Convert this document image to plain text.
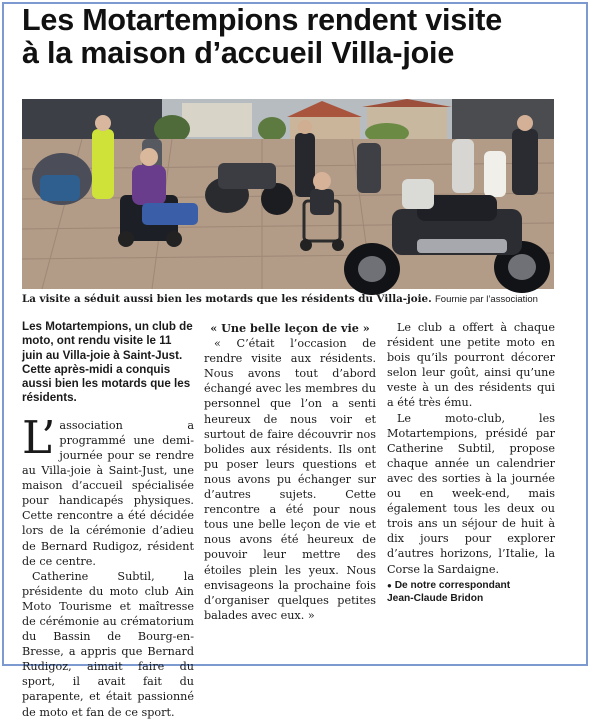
Les Motartempions rendent visite
à la maison d’accueil Villa-joie
La visite a séduit aussi bien les motards que les résidents du Villa-joie. Fournie par l’association

Les Motartempions, un club de moto, ont rendu visite le 11 juin au Villa-joie à Saint-Just. Cette après-midi a conquis aussi bien les motards que les résidents.

L’ association a programmé une demi-journée pour se rendre au Villa-joie à Saint-Just, une maison d’accueil spécialisée pour handicapés physiques. Cette rencontre a été décidée lors de la cérémonie d’adieu de Bernard Rudigoz, résident de ce centre.

Catherine Subtil, la présidente du moto club Ain Moto Tourisme et maîtresse de cérémonie au crématorium du Bassin de Bourg-en-Bresse, a appris que Bernard Rudigoz, aimait faire du sport, il avait fait du parapente, et était passionné de moto et fan de ce sport.

« Une belle leçon de vie »

« C’était l’occasion de rendre visite aux résidents. Nous avons tout d’abord échangé avec les membres du personnel que l’on a senti heureux de nous voir et surtout de faire découvrir nos bolides aux résidents. Ils ont pu poser leurs questions et nous avons pu échanger sur d’autres sujets. Cette rencontre a été pour nous tous une belle leçon de vie et nous avons été heureux de pouvoir leur mettre des étoiles plein les yeux. Nous envisageons la prochaine fois d’organiser quelques petites balades avec eux. »

Le club a offert à chaque résident une petite moto en bois qu’ils pourront décorer selon leur goût, ainsi qu’une veste à un des résidents qui a été très ému.

Le moto-club, les Motartempions, présidé par Catherine Subtil, propose chaque année un calendrier avec des sorties à la journée ou en week-end, mais également tous les deux ou trois ans un séjour de huit à dix jours pour explorer d’autres horizons, l’Italie, la Corse la Sardaigne.

● De notre correspondant
Jean-Claude Bridon
